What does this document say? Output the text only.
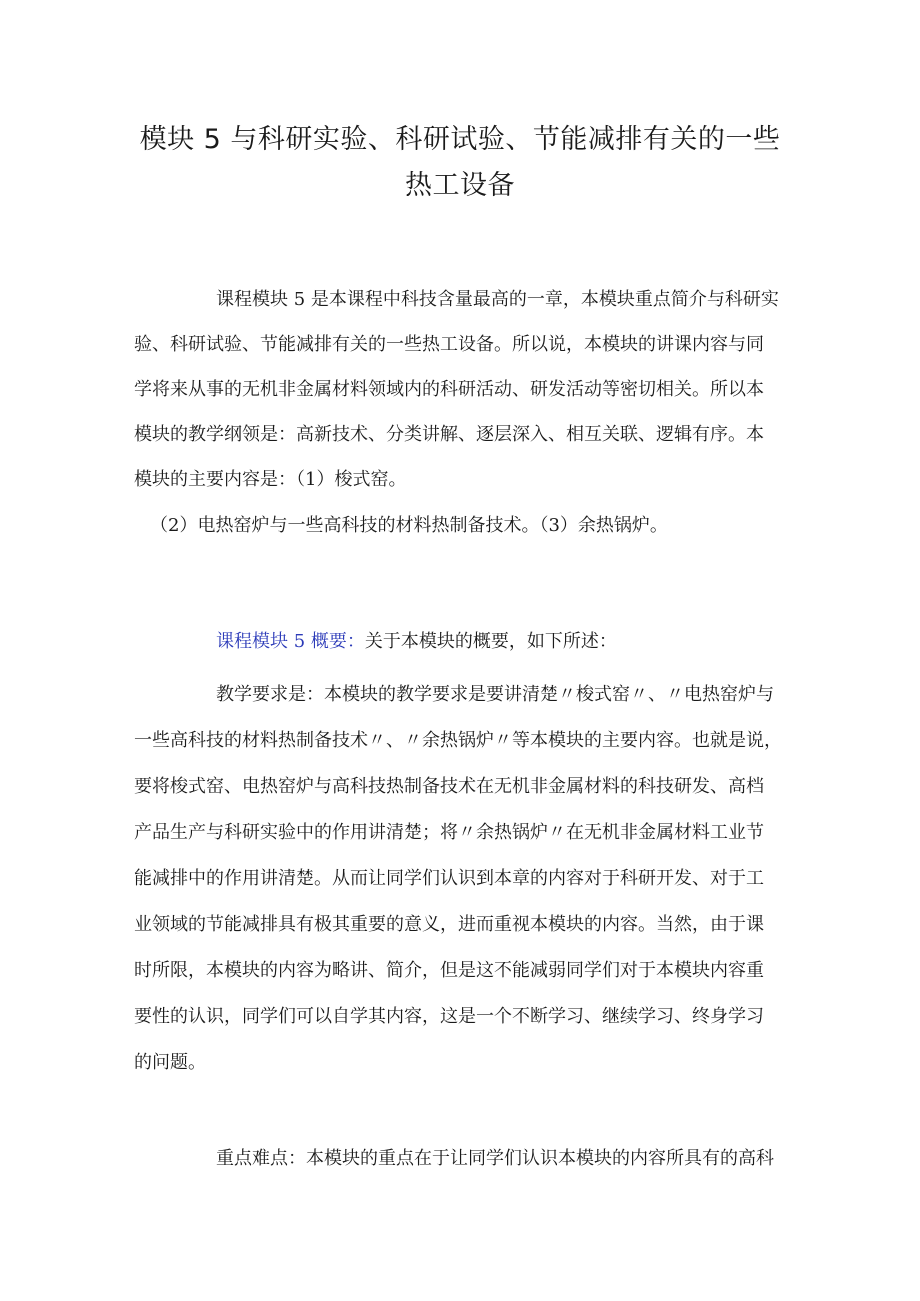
模块 5 与科研实验、科研试验、节能减排有关的一些
热工设备
课程模块 5 是本课程中科技含量最高的一章，本模块重点简介与科研实
验、科研试验、节能减排有关的一些热工设备。所以说，本模块的讲课内容与同
学将来从事的无机非金属材料领域内的科研活动、研发活动等密切相关。所以本
模块的教学纲领是：高新技术、分类讲解、逐层深入、相互关联、逻辑有序。本
模块的主要内容是：（1）梭式窑。
（2）电热窑炉与一些高科技的材料热制备技术。（3）余热锅炉。
课程模块 5 概要：关于本模块的概要，如下所述：
教学要求是：本模块的教学要求是要讲清楚〃梭式窑〃、〃电热窑炉与
一些高科技的材料热制备技术〃、〃余热锅炉〃等本模块的主要内容。也就是说，
要将梭式窑、电热窑炉与高科技热制备技术在无机非金属材料的科技研发、高档
产品生产与科研实验中的作用讲清楚；将〃余热锅炉〃在无机非金属材料工业节
能减排中的作用讲清楚。从而让同学们认识到本章的内容对于科研开发、对于工
业领域的节能减排具有极其重要的意义，进而重视本模块的内容。当然，由于课
时所限，本模块的内容为略讲、简介，但是这不能减弱同学们对于本模块内容重
要性的认识，同学们可以自学其内容，这是一个不断学习、继续学习、终身学习
的问题。
重点难点：本模块的重点在于让同学们认识本模块的内容所具有的高科
